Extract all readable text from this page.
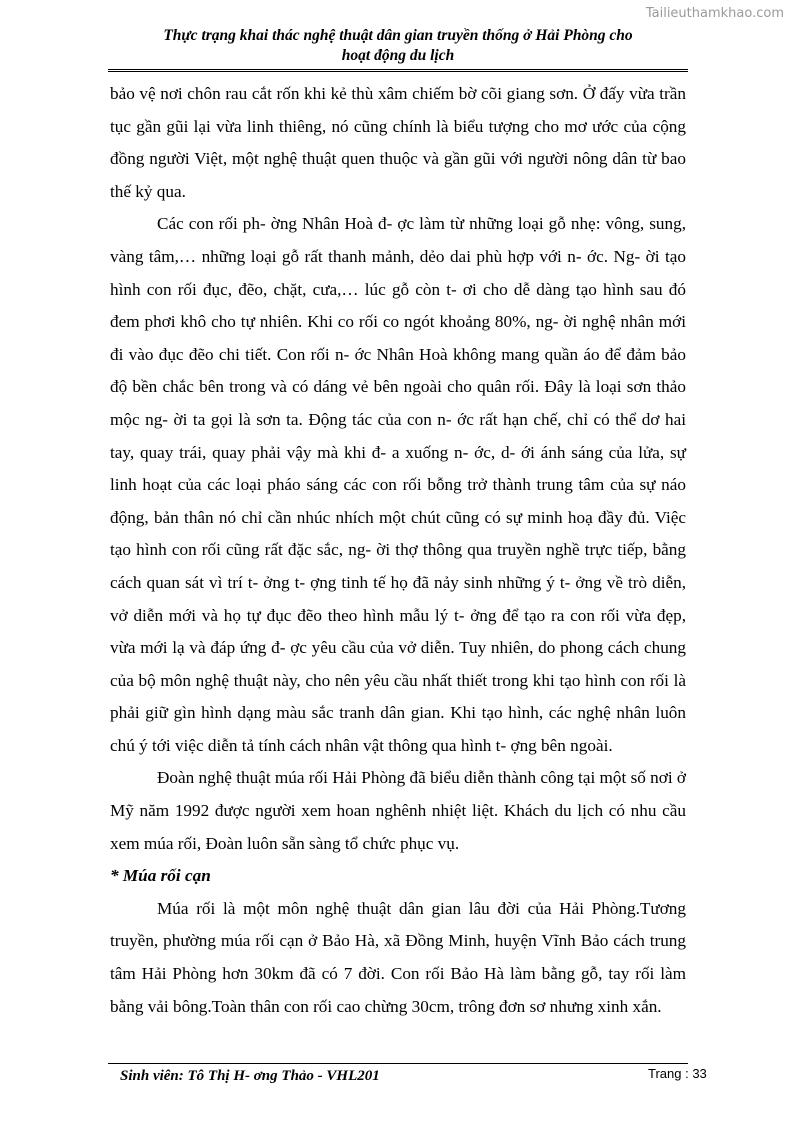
Tailieuthamkhao.com
Thực trạng khai thác nghệ thuật dân gian truyền thống ở Hải Phòng cho
hoạt động du lịch

bảo vệ nơi chôn rau cắt rốn khi kẻ thù xâm chiếm bờ cõi giang sơn. Ở đấy vừa trần tục gần gũi lại vừa linh thiêng, nó cũng chính là biểu tượng cho mơ ước của cộng đồng người Việt, một nghệ thuật quen thuộc và gần gũi với người nông dân từ bao thế kỷ qua.

Các con rối ph- ờng Nhân Hoà đ- ợc làm từ những loại gỗ nhẹ: vông, sung, vàng tâm,… những loại gỗ rất thanh mảnh, dẻo dai phù hợp với n- ớc. Ng- ời tạo hình con rối đục, đẽo, chặt, cưa,… lúc gỗ còn t- ơi cho dễ dàng tạo hình sau đó đem phơi khô cho tự nhiên. Khi co rối co ngót khoảng 80%, ng- ời nghệ nhân mới đi vào đục đẽo chi tiết. Con rối n- ớc Nhân Hoà không mang quần áo để đảm bảo độ bền chắc bên trong và có dáng vẻ bên ngoài cho quân rối. Đây là loại sơn thảo mộc ng- ời ta gọi là sơn ta. Động tác của con n- ớc rất hạn chế, chỉ có thể dơ hai tay, quay trái, quay phải vậy mà khi đ- a xuống n- ớc, d- ới ánh sáng của lửa, sự linh hoạt của các loại pháo sáng các con rối bỗng trở thành trung tâm của sự náo động, bản thân nó chỉ cần nhúc nhích một chút cũng có sự minh hoạ đầy đủ. Việc tạo hình con rối cũng rất đặc sắc, ng- ời thợ thông qua truyền nghề trực tiếp, bằng cách quan sát vì trí t- ởng t- ợng tinh tế họ đã nảy sinh những ý t- ởng về trò diễn, vở diễn mới và họ tự đục đẽo theo hình mẫu lý t- ởng để tạo ra con rối vừa đẹp, vừa mới lạ và đáp ứng đ- ợc yêu cầu của vở diễn. Tuy nhiên, do phong cách chung của bộ môn nghệ thuật này, cho nên yêu cầu nhất thiết trong khi tạo hình con rối là phải giữ gìn hình dạng màu sắc tranh dân gian. Khi tạo hình, các nghệ nhân luôn chú ý tới việc diễn tả tính cách nhân vật thông qua hình t- ợng bên ngoài.

Đoàn nghệ thuật múa rối Hải Phòng đã biểu diễn thành công tại một số nơi ở Mỹ năm 1992 được người xem hoan nghênh nhiệt liệt. Khách du lịch có nhu cầu xem múa rối, Đoàn luôn sẵn sàng tổ chức phục vụ.

* Múa rối cạn

Múa rối là một môn nghệ thuật dân gian lâu đời của Hải Phòng.Tương truyền, phường múa rối cạn ở Bảo Hà, xã Đồng Minh, huyện Vĩnh Bảo cách trung tâm Hải Phòng hơn 30km đã có 7 đời. Con rối Bảo Hà làm bằng gỗ, tay rối làm bằng vải bông.Toàn thân con rối cao chừng 30cm, trông đơn sơ nhưng xinh xắn.

Sinh viên: Tô Thị H- ơng Thảo - VHL201	Trang : 33
